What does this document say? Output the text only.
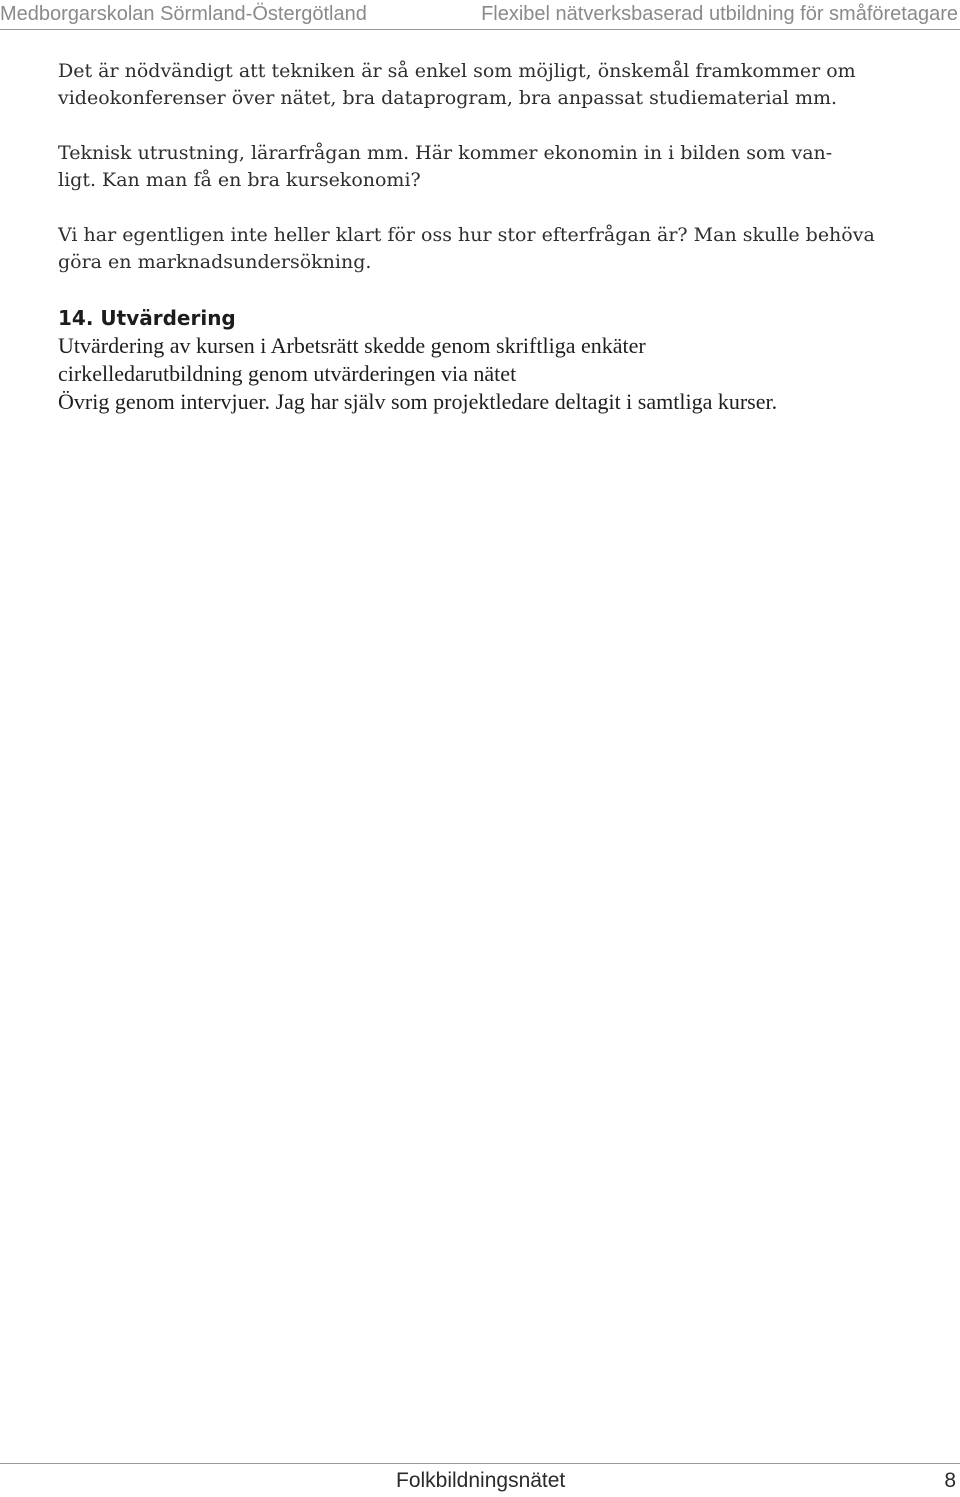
Medborgarskolan Sörmland-Östergötland	Flexibel nätverksbaserad utbildning för småföretagare
Det är nödvändigt att tekniken är så enkel som möjligt, önskemål framkommer om
videokonferenser över nätet, bra dataprogram, bra anpassat studiematerial mm.
Teknisk utrustning, lärarfrågan mm. Här kommer ekonomin in i bilden som van-
ligt. Kan man få en bra kursekonomi?
Vi har egentligen inte heller klart för oss hur stor efterfrågan är? Man skulle behöva
göra en marknadsundersökning.
14. Utvärdering

Utvärdering av kursen i Arbetsrätt skedde genom skriftliga enkäter

cirkelledarutbildning genom utvärderingen via nätet

Övrig genom intervjuer. Jag har själv som projektledare deltagit i samtliga kurser.

Folkbildningsnätet	8
